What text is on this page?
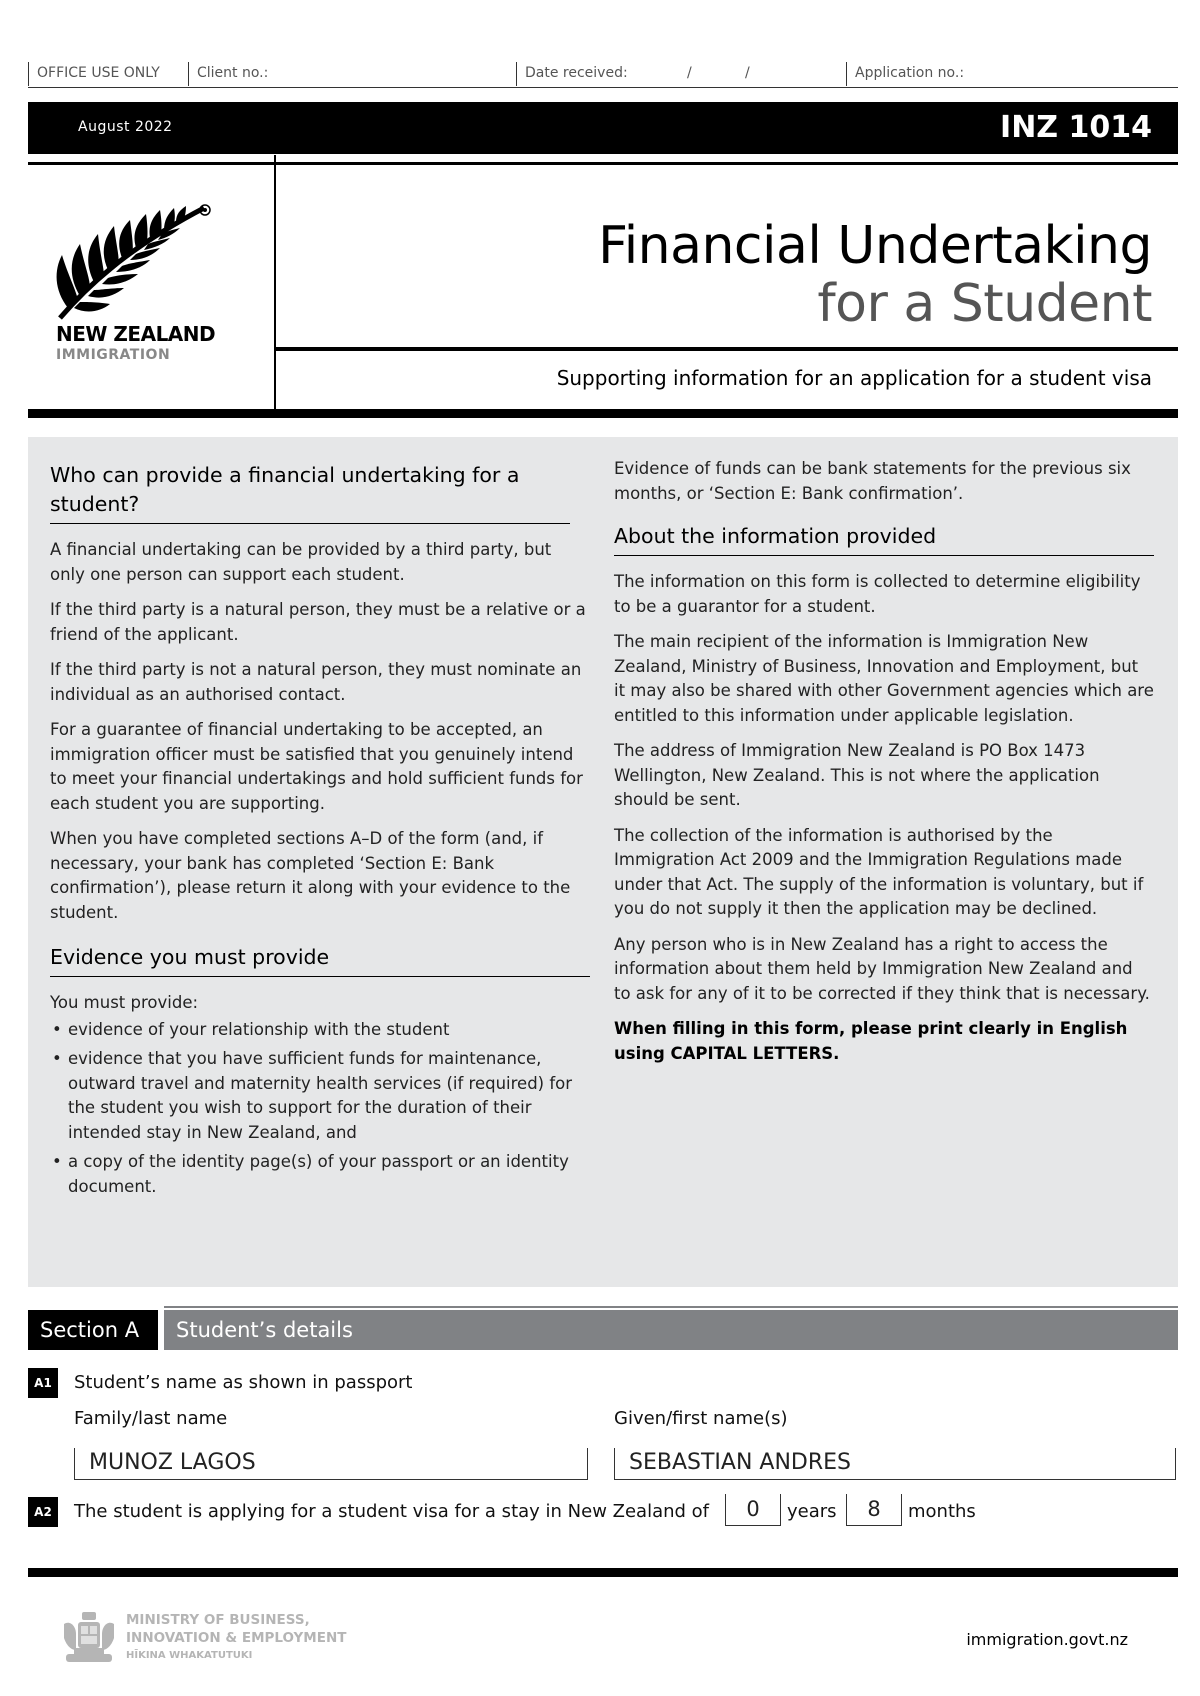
OFFICE USE ONLY	Client no.:	Date received:	/	/	Application no.:
August 2022	INZ 1014
NEW ZEALAND
IMMIGRATION
Financial Undertaking
for a Student
Supporting information for an application for a student visa
Who can provide a financial undertaking for a student?

A financial undertaking can be provided by a third party, but only one person can support each student.

If the third party is a natural person, they must be a relative or a friend of the applicant.

If the third party is not a natural person, they must nominate an individual as an authorised contact.

For a guarantee of financial undertaking to be accepted, an immigration officer must be satisfied that you genuinely intend to meet your financial undertakings and hold sufficient funds for each student you are supporting.

When you have completed sections A–D of the form (and, if necessary, your bank has completed ‘Section E: Bank confirmation’), please return it along with your evidence to the student.

Evidence you must provide

You must provide:

• evidence of your relationship with the student
• evidence that you have sufficient funds for maintenance, outward travel and maternity health services (if required) for the student you wish to support for the duration of their intended stay in New Zealand, and
• a copy of the identity page(s) of your passport or an identity document.

Evidence of funds can be bank statements for the previous six months, or ‘Section E: Bank confirmation’.

About the information provided

The information on this form is collected to determine eligibility to be a guarantor for a student.

The main recipient of the information is Immigration New Zealand, Ministry of Business, Innovation and Employment, but it may also be shared with other Government agencies which are entitled to this information under applicable legislation.

The address of Immigration New Zealand is PO Box 1473 Wellington, New Zealand. This is not where the application should be sent.

The collection of the information is authorised by the Immigration Act 2009 and the Immigration Regulations made under that Act. The supply of the information is voluntary, but if you do not supply it then the application may be declined.

Any person who is in New Zealand has a right to access the information about them held by Immigration New Zealand and to ask for any of it to be corrected if they think that is necessary.

When filling in this form, please print clearly in English using CAPITAL LETTERS.

Section A	Student’s details
A1	Student’s name as shown in passport
Family/last name	Given/first name(s)
MUNOZ LAGOS	SEBASTIAN ANDRES
A2	The student is applying for a student visa for a stay in New Zealand of	0	years	8	months
MINISTRY OF BUSINESS,
INNOVATION & EMPLOYMENT
HĪKINA WHAKATUTUKI
immigration.govt.nz
